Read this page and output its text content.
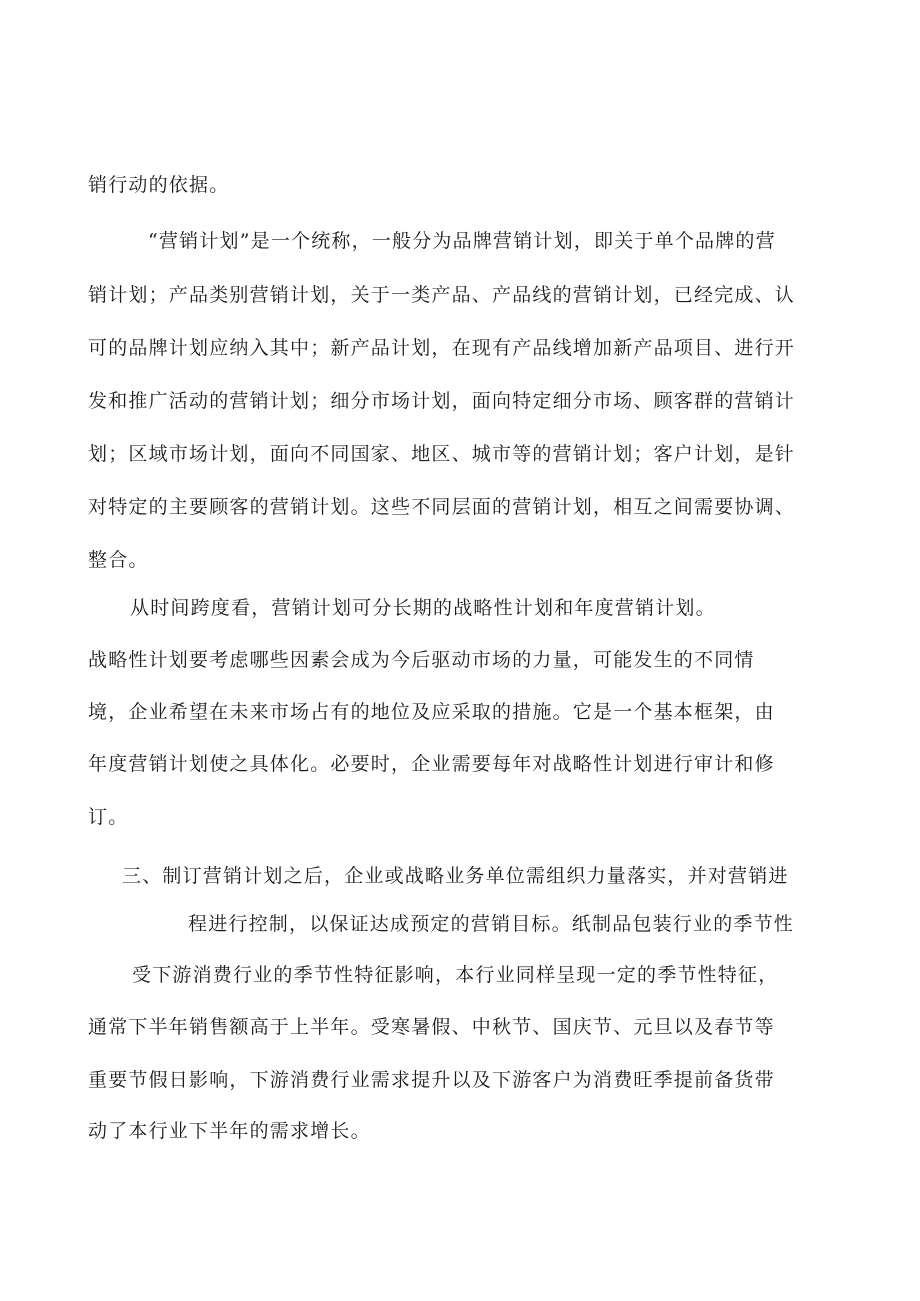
销行动的依据。
“营销计划”是一个统称，一般分为品牌营销计划，即关于单个品牌的营
销计划；产品类别营销计划，关于一类产品、产品线的营销计划，已经完成、认
可的品牌计划应纳入其中；新产品计划，在现有产品线增加新产品项目、进行开
发和推广活动的营销计划；细分市场计划，面向特定细分市场、顾客群的营销计
划；区域市场计划，面向不同国家、地区、城市等的营销计划；客户计划，是针
对特定的主要顾客的营销计划。这些不同层面的营销计划，相互之间需要协调、
整合。
从时间跨度看，营销计划可分长期的战略性计划和年度营销计划。
战略性计划要考虑哪些因素会成为今后驱动市场的力量，可能发生的不同情
境，企业希望在未来市场占有的地位及应采取的措施。它是一个基本框架，由
年度营销计划使之具体化。必要时，企业需要每年对战略性计划进行审计和修
订。
三、制订营销计划之后，企业或战略业务单位需组织力量落实，并对营销进
程进行控制，以保证达成预定的营销目标。纸制品包装行业的季节性
受下游消费行业的季节性特征影响，本行业同样呈现一定的季节性特征，
通常下半年销售额高于上半年。受寒暑假、中秋节、国庆节、元旦以及春节等
重要节假日影响，下游消费行业需求提升以及下游客户为消费旺季提前备货带
动了本行业下半年的需求增长。
